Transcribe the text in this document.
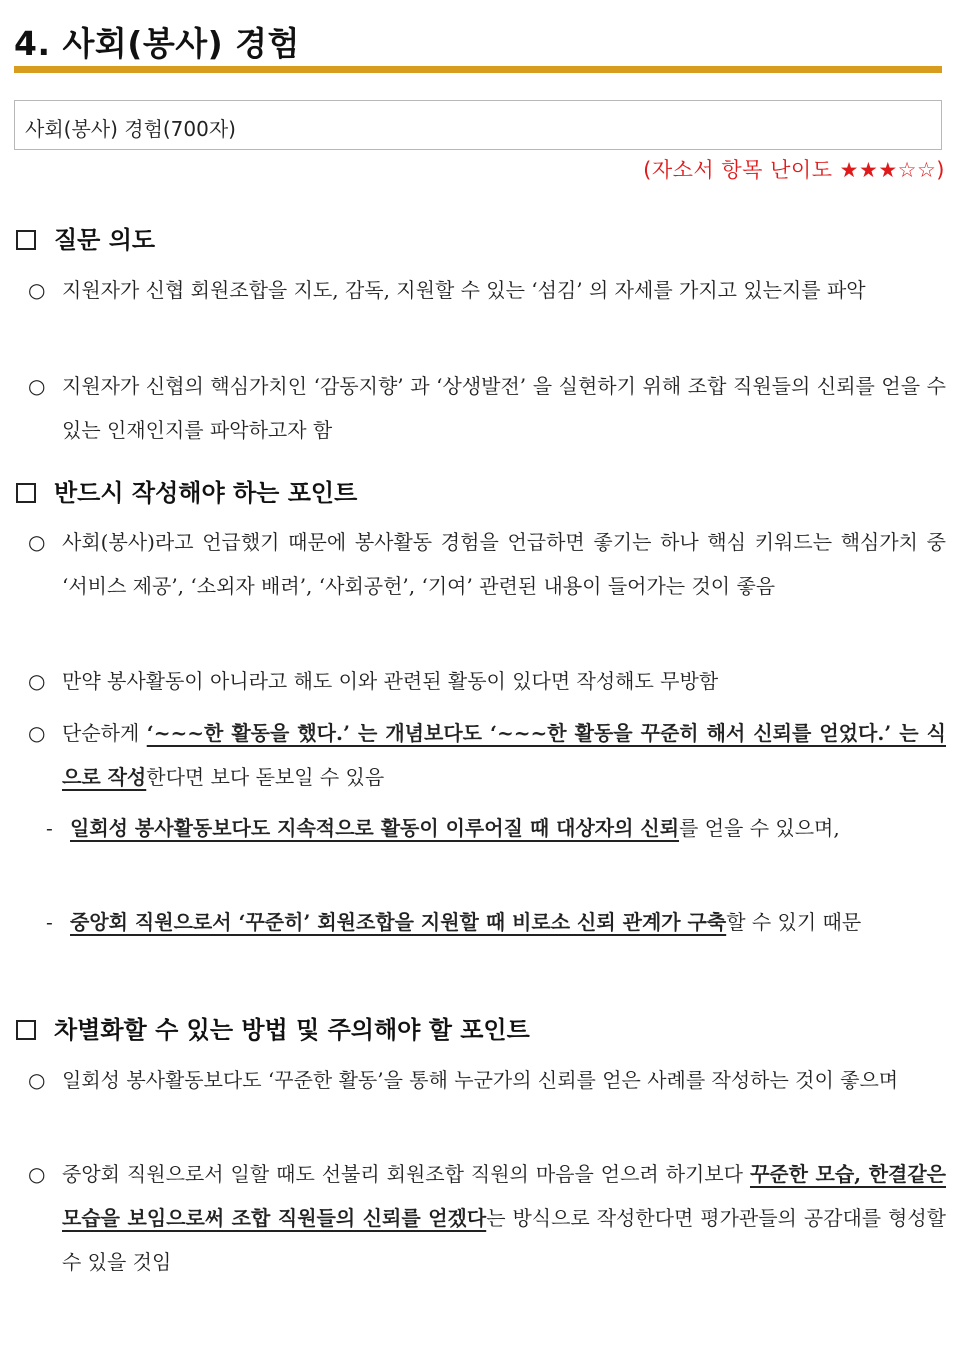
4. 사회(봉사) 경험
사회(봉사) 경험(700자)
(자소서 항목 난이도 ★★★☆☆)
질문 의도
○ 지원자가 신협 회원조합을 지도, 감독, 지원할 수 있는 ‘섬김’ 의 자세를 가지고 있는지를 파악
○ 지원자가 신협의 핵심가치인 ‘감동지향’ 과 ‘상생발전’ 을 실현하기 위해 조합 직원들의 신뢰를 얻을 수 있는 인재인지를 파악하고자 함
반드시 작성해야 하는 포인트
○ 사회(봉사)라고 언급했기 때문에 봉사활동 경험을 언급하면 좋기는 하나 핵심 키워드는 핵심가치 중 ‘서비스 제공’, ‘소외자 배려’, ‘사회공헌’, ‘기여’ 관련된 내용이 들어가는 것이 좋음
○ 만약 봉사활동이 아니라고 해도 이와 관련된 활동이 있다면 작성해도 무방함
○ 단순하게 ‘~~~한 활동을 했다.’ 는 개념보다도 ‘~~~한 활동을 꾸준히 해서 신뢰를 얻었다.’ 는 식으로 작성한다면 보다 돋보일 수 있음
- 일회성 봉사활동보다도 지속적으로 활동이 이루어질 때 대상자의 신뢰를 얻을 수 있으며,
- 중앙회 직원으로서 ‘꾸준히’ 회원조합을 지원할 때 비로소 신뢰 관계가 구축할 수 있기 때문
차별화할 수 있는 방법 및 주의해야 할 포인트
○ 일회성 봉사활동보다도 ‘꾸준한 활동’을 통해 누군가의 신뢰를 얻은 사례를 작성하는 것이 좋으며
○ 중앙회 직원으로서 일할 때도 선불리 회원조합 직원의 마음을 얻으려 하기보다 꾸준한 모습, 한결같은 모습을 보임으로써 조합 직원들의 신뢰를 얻겠다는 방식으로 작성한다면 평가관들의 공감대를 형성할 수 있을 것임
